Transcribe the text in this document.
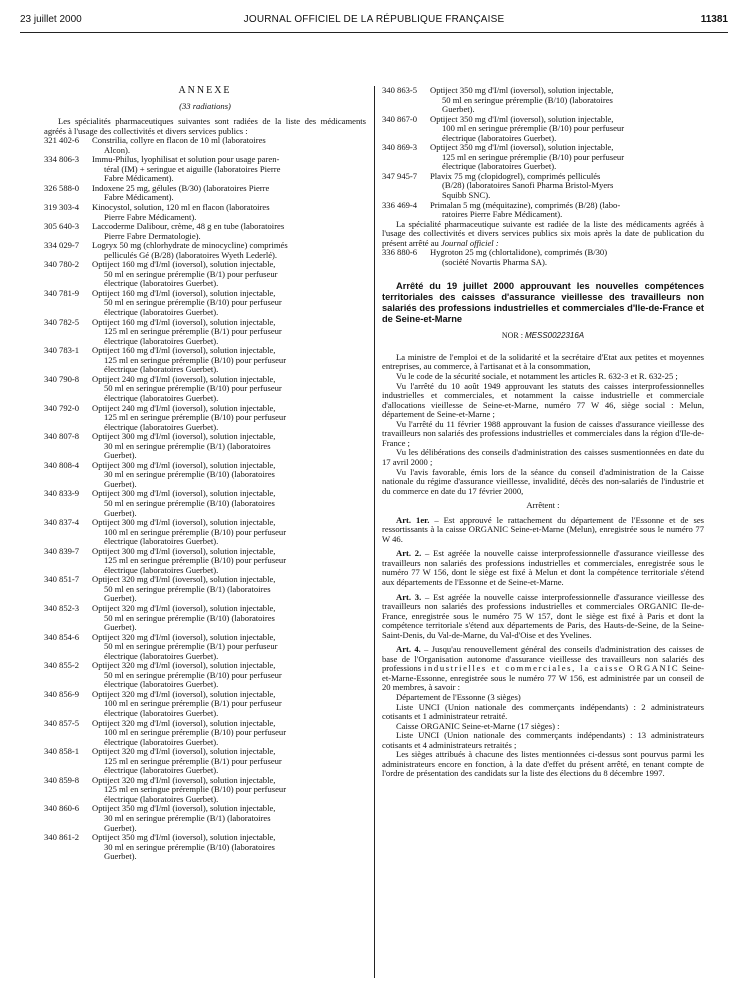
23 juillet 2000	JOURNAL OFFICIEL DE LA RÉPUBLIQUE FRANÇAISE	11381
ANNEXE
(33 radiations)
Les spécialités pharmaceutiques suivantes sont radiées de la liste des médicaments agréés à l'usage des collectivités et divers services publics :
321 402-6	Constrilia, collyre en flacon de 10 ml (laboratoires
Alcon).
334 806-3	Immu-Philus, lyophilisat et solution pour usage paren-
téral (IM) + seringue et aiguille (laboratoires Pierre
Fabre Médicament).
326 588-0	Indoxene 25 mg, gélules (B/30) (laboratoires Pierre
Fabre Médicament).
319 303-4	Kinocystol, solution, 120 ml en flacon (laboratoires
Pierre Fabre Médicament).
305 640-3	Laccoderme Dalibour, crème, 48 g en tube (laboratoires
Pierre Fabre Dermatologie).
334 029-7	Logryx 50 mg (chlorhydrate de minocycline) comprimés
pelliculés Gé (B/28) (laboratoires Wyeth Lederlé).
340 780-2	Optiject 160 mg d'I/ml (ioversol), solution injectable,
50 ml en seringue préremplie (B/1) pour perfuseur
électrique (laboratoires Guerbet).
340 781-9	Optiject 160 mg d'I/ml (ioversol), solution injectable,
50 ml en seringue préremplie (B/10) pour perfuseur
électrique (laboratoires Guerbet).
340 782-5	Optiject 160 mg d'I/ml (ioversol), solution injectable,
125 ml en seringue préremplie (B/1) pour perfuseur
électrique (laboratoires Guerbet).
340 783-1	Optiject 160 mg d'I/ml (ioversol), solution injectable,
125 ml en seringue préremplie (B/10) pour perfuseur
électrique (laboratoires Guerbet).
340 790-8	Optiject 240 mg d'I/ml (ioversol), solution injectable,
50 ml en seringue préremplie (B/10) pour perfuseur
électrique (laboratoires Guerbet).
340 792-0	Optiject 240 mg d'I/ml (ioversol), solution injectable,
125 ml en seringue préremplie (B/10) pour perfuseur
électrique (laboratoires Guerbet).
340 807-8	Optiject 300 mg d'I/ml (ioversol), solution injectable,
30 ml en seringue préremplie (B/1) (laboratoires
Guerbet).
340 808-4	Optiject 300 mg d'I/ml (ioversol), solution injectable,
30 ml en seringue préremplie (B/10) (laboratoires
Guerbet).
340 833-9	Optiject 300 mg d'I/ml (ioversol), solution injectable,
50 ml en seringue préremplie (B/10) (laboratoires
Guerbet).
340 837-4	Optiject 300 mg d'I/ml (ioversol), solution injectable,
100 ml en seringue préremplie (B/10) pour perfuseur
électrique (laboratoires Guerbet).
340 839-7	Optiject 300 mg d'I/ml (ioversol), solution injectable,
125 ml en seringue préremplie (B/10) pour perfuseur
électrique (laboratoires Guerbet).
340 851-7	Optiject 320 mg d'I/ml (ioversol), solution injectable,
50 ml en seringue préremplie (B/1) (laboratoires
Guerbet).
340 852-3	Optiject 320 mg d'I/ml (ioversol), solution injectable,
50 ml en seringue préremplie (B/10) (laboratoires
Guerbet).
340 854-6	Optiject 320 mg d'I/ml (ioversol), solution injectable,
50 ml en seringue préremplie (B/1) pour perfuseur
électrique (laboratoires Guerbet).
340 855-2	Optiject 320 mg d'I/ml (ioversol), solution injectable,
50 ml en seringue préremplie (B/10) pour perfuseur
électrique (laboratoires Guerbet).
340 856-9	Optiject 320 mg d'I/ml (ioversol), solution injectable,
100 ml en seringue préremplie (B/1) pour perfuseur
électrique (laboratoires Guerbet).
340 857-5	Optiject 320 mg d'I/ml (ioversol), solution injectable,
100 ml en seringue préremplie (B/10) pour perfuseur
électrique (laboratoires Guerbet).
340 858-1	Optiject 320 mg d'I/ml (ioversol), solution injectable,
125 ml en seringue préremplie (B/1) pour perfuseur
électrique (laboratoires Guerbet).
340 859-8	Optiject 320 mg d'I/ml (ioversol), solution injectable,
125 ml en seringue préremplie (B/10) pour perfuseur
électrique (laboratoires Guerbet).
340 860-6	Optiject 350 mg d'I/ml (ioversol), solution injectable,
30 ml en seringue préremplie (B/1) (laboratoires
Guerbet).
340 861-2	Optiject 350 mg d'I/ml (ioversol), solution injectable,
30 ml en seringue préremplie (B/10) (laboratoires
Guerbet).
340 863-5	Optiject 350 mg d'I/ml (ioversol), solution injectable,
50 ml en seringue préremplie (B/10) (laboratoires
Guerbet).
340 867-0	Optiject 350 mg d'I/ml (ioversol), solution injectable,
100 ml en seringue préremplie (B/10) pour perfuseur
électrique (laboratoires Guerbet).
340 869-3	Optiject 350 mg d'I/ml (ioversol), solution injectable,
125 ml en seringue préremplie (B/10) pour perfuseur
électrique (laboratoires Guerbet).
347 945-7	Plavix 75 mg (clopidogrel), comprimés pelliculés
(B/28) (laboratoires Sanofi Pharma Bristol-Myers
Squibb SNC).
336 469-4	Primalan 5 mg (méquitazine), comprimés (B/28) (labo-
ratoires Pierre Fabre Médicament).
La spécialité pharmaceutique suivante est radiée de la liste des médicaments agréés à l'usage des collectivités et divers services publics six mois après la date de publication du présent arrêté au Journal officiel :
336 880-6	Hygroton 25 mg (chlortalidone), comprimés (B/30)
(société Novartis Pharma SA).
Arrêté du 19 juillet 2000 approuvant les nouvelles compétences territoriales des caisses d'assurance vieillesse des travailleurs non salariés des professions industrielles et commerciales d'Ile-de-France et de Seine-et-Marne
NOR : MESS0022316A
La ministre de l'emploi et de la solidarité et la secrétaire d'Etat aux petites et moyennes entreprises, au commerce, à l'artisanat et à la consommation,
Vu le code de la sécurité sociale, et notamment les articles R. 632-3 et R. 632-25 ;
Vu l'arrêté du 10 août 1949 approuvant les statuts des caisses interprofessionnelles industrielles et commerciales, et notamment la caisse industrielle et commerciale d'allocations vieillesse de Seine-et-Marne, numéro 77 W 46, siège social : Melun, département de Seine-et-Marne ;
Vu l'arrêté du 11 février 1988 approuvant la fusion de caisses d'assurance vieillesse des travailleurs non salariés des professions industrielles et commerciales dans la région d'Ile-de-France ;
Vu les délibérations des conseils d'administration des caisses susmentionnées en date du 17 avril 2000 ;
Vu l'avis favorable, émis lors de la séance du conseil d'administration de la Caisse nationale du régime d'assurance vieillesse, invalidité, décès des non-salariés de l'industrie et du commerce en date du 17 février 2000,
Arrêtent :
Art. 1er. – Est approuvé le rattachement du département de l'Essonne et de ses ressortissants à la caisse ORGANIC Seine-et-Marne (Melun), enregistrée sous le numéro 77 W 46.
Art. 2. – Est agréée la nouvelle caisse interprofessionnelle d'assurance vieillesse des travailleurs non salariés des professions industrielles et commerciales, enregistrée sous le numéro 77 W 156, dont le siège est fixé à Melun et dont la compétence territoriale s'étend aux départements de l'Essonne et de Seine-et-Marne.
Art. 3. – Est agréée la nouvelle caisse interprofessionnelle d'assurance vieillesse des travailleurs non salariés des professions industrielles et commerciales ORGANIC Ile-de-France, enregistrée sous le numéro 75 W 157, dont le siège est fixé à Paris et dont la compétence territoriale s'étend aux départements de Paris, des Hauts-de-Seine, de la Seine-Saint-Denis, du Val-de-Marne, du Val-d'Oise et des Yvelines.
Art. 4. – Jusqu'au renouvellement général des conseils d'administration des caisses de base de l'Organisation autonome d'assurance vieillesse des travailleurs non salariés des professions industrielles et commerciales, la caisse ORGANIC Seine-et-Marne-Essonne, enregistrée sous le numéro 77 W 156, est administrée par un conseil de 20 membres, à savoir :
Département de l'Essonne (3 sièges)
Liste UNCI (Union nationale des commerçants indépendants) : 2 administrateurs cotisants et 1 administrateur retraité.
Caisse ORGANIC Seine-et-Marne (17 sièges) :
Liste UNCI (Union nationale des commerçants indépendants) : 13 administrateurs cotisants et 4 administrateurs retraités ;
Les sièges attribués à chacune des listes mentionnées ci-dessus sont pourvus parmi les administrateurs encore en fonction, à la date d'effet du présent arrêté, en tenant compte de l'ordre de présentation des candidats sur la liste des élections du 8 décembre 1997.
